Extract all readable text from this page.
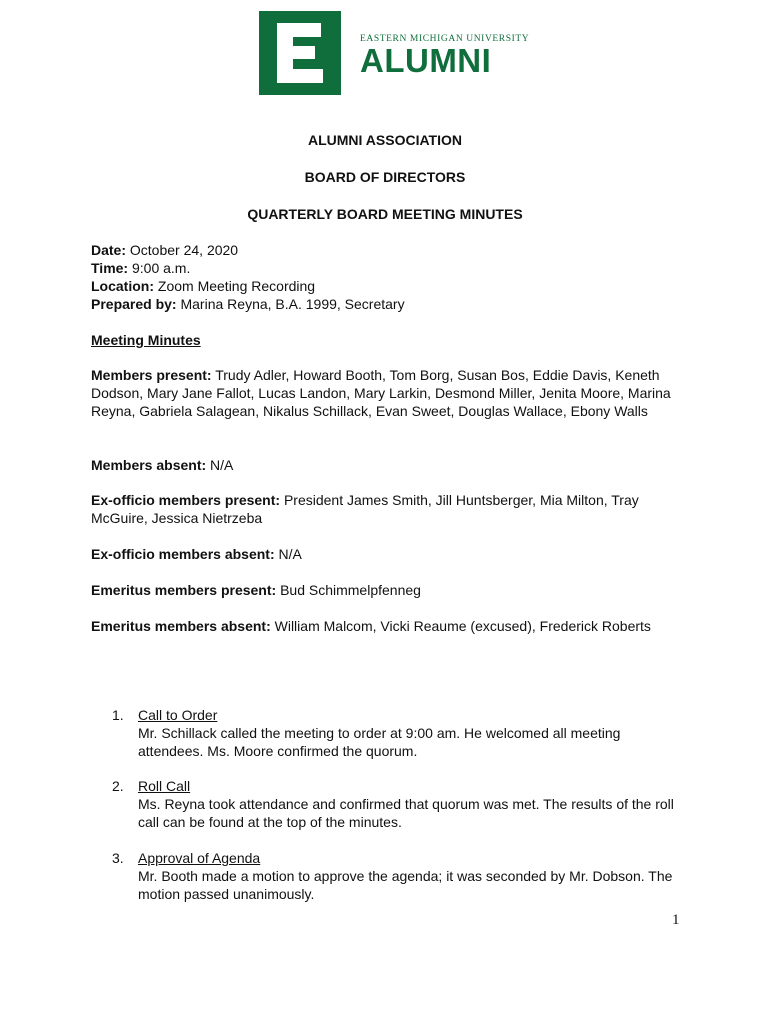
EASTERN MICHIGAN UNIVERSITY
ALUMNI
ALUMNI ASSOCIATION
BOARD OF DIRECTORS
QUARTERLY BOARD MEETING MINUTES
Date: October 24, 2020
Time: 9:00 a.m.
Location: Zoom Meeting Recording
Prepared by: Marina Reyna, B.A. 1999, Secretary
Meeting Minutes
Members present: Trudy Adler, Howard Booth, Tom Borg, Susan Bos, Eddie Davis, Keneth Dodson, Mary Jane Fallot, Lucas Landon, Mary Larkin, Desmond Miller, Jenita Moore, Marina Reyna, Gabriela Salagean, Nikalus Schillack, Evan Sweet, Douglas Wallace, Ebony Walls
Members absent: N/A
Ex-officio members present: President James Smith, Jill Huntsberger, Mia Milton, Tray McGuire, Jessica Nietrzeba
Ex-officio members absent: N/A
Emeritus members present: Bud Schimmelpfenneg
Emeritus members absent: William Malcom, Vicki Reaume (excused), Frederick Roberts
1. Call to Order
Mr. Schillack called the meeting to order at 9:00 am. He welcomed all meeting attendees. Ms. Moore confirmed the quorum.
2. Roll Call
Ms. Reyna took attendance and confirmed that quorum was met. The results of the roll call can be found at the top of the minutes.
3. Approval of Agenda
Mr. Booth made a motion to approve the agenda; it was seconded by Mr. Dobson. The motion passed unanimously.
1
